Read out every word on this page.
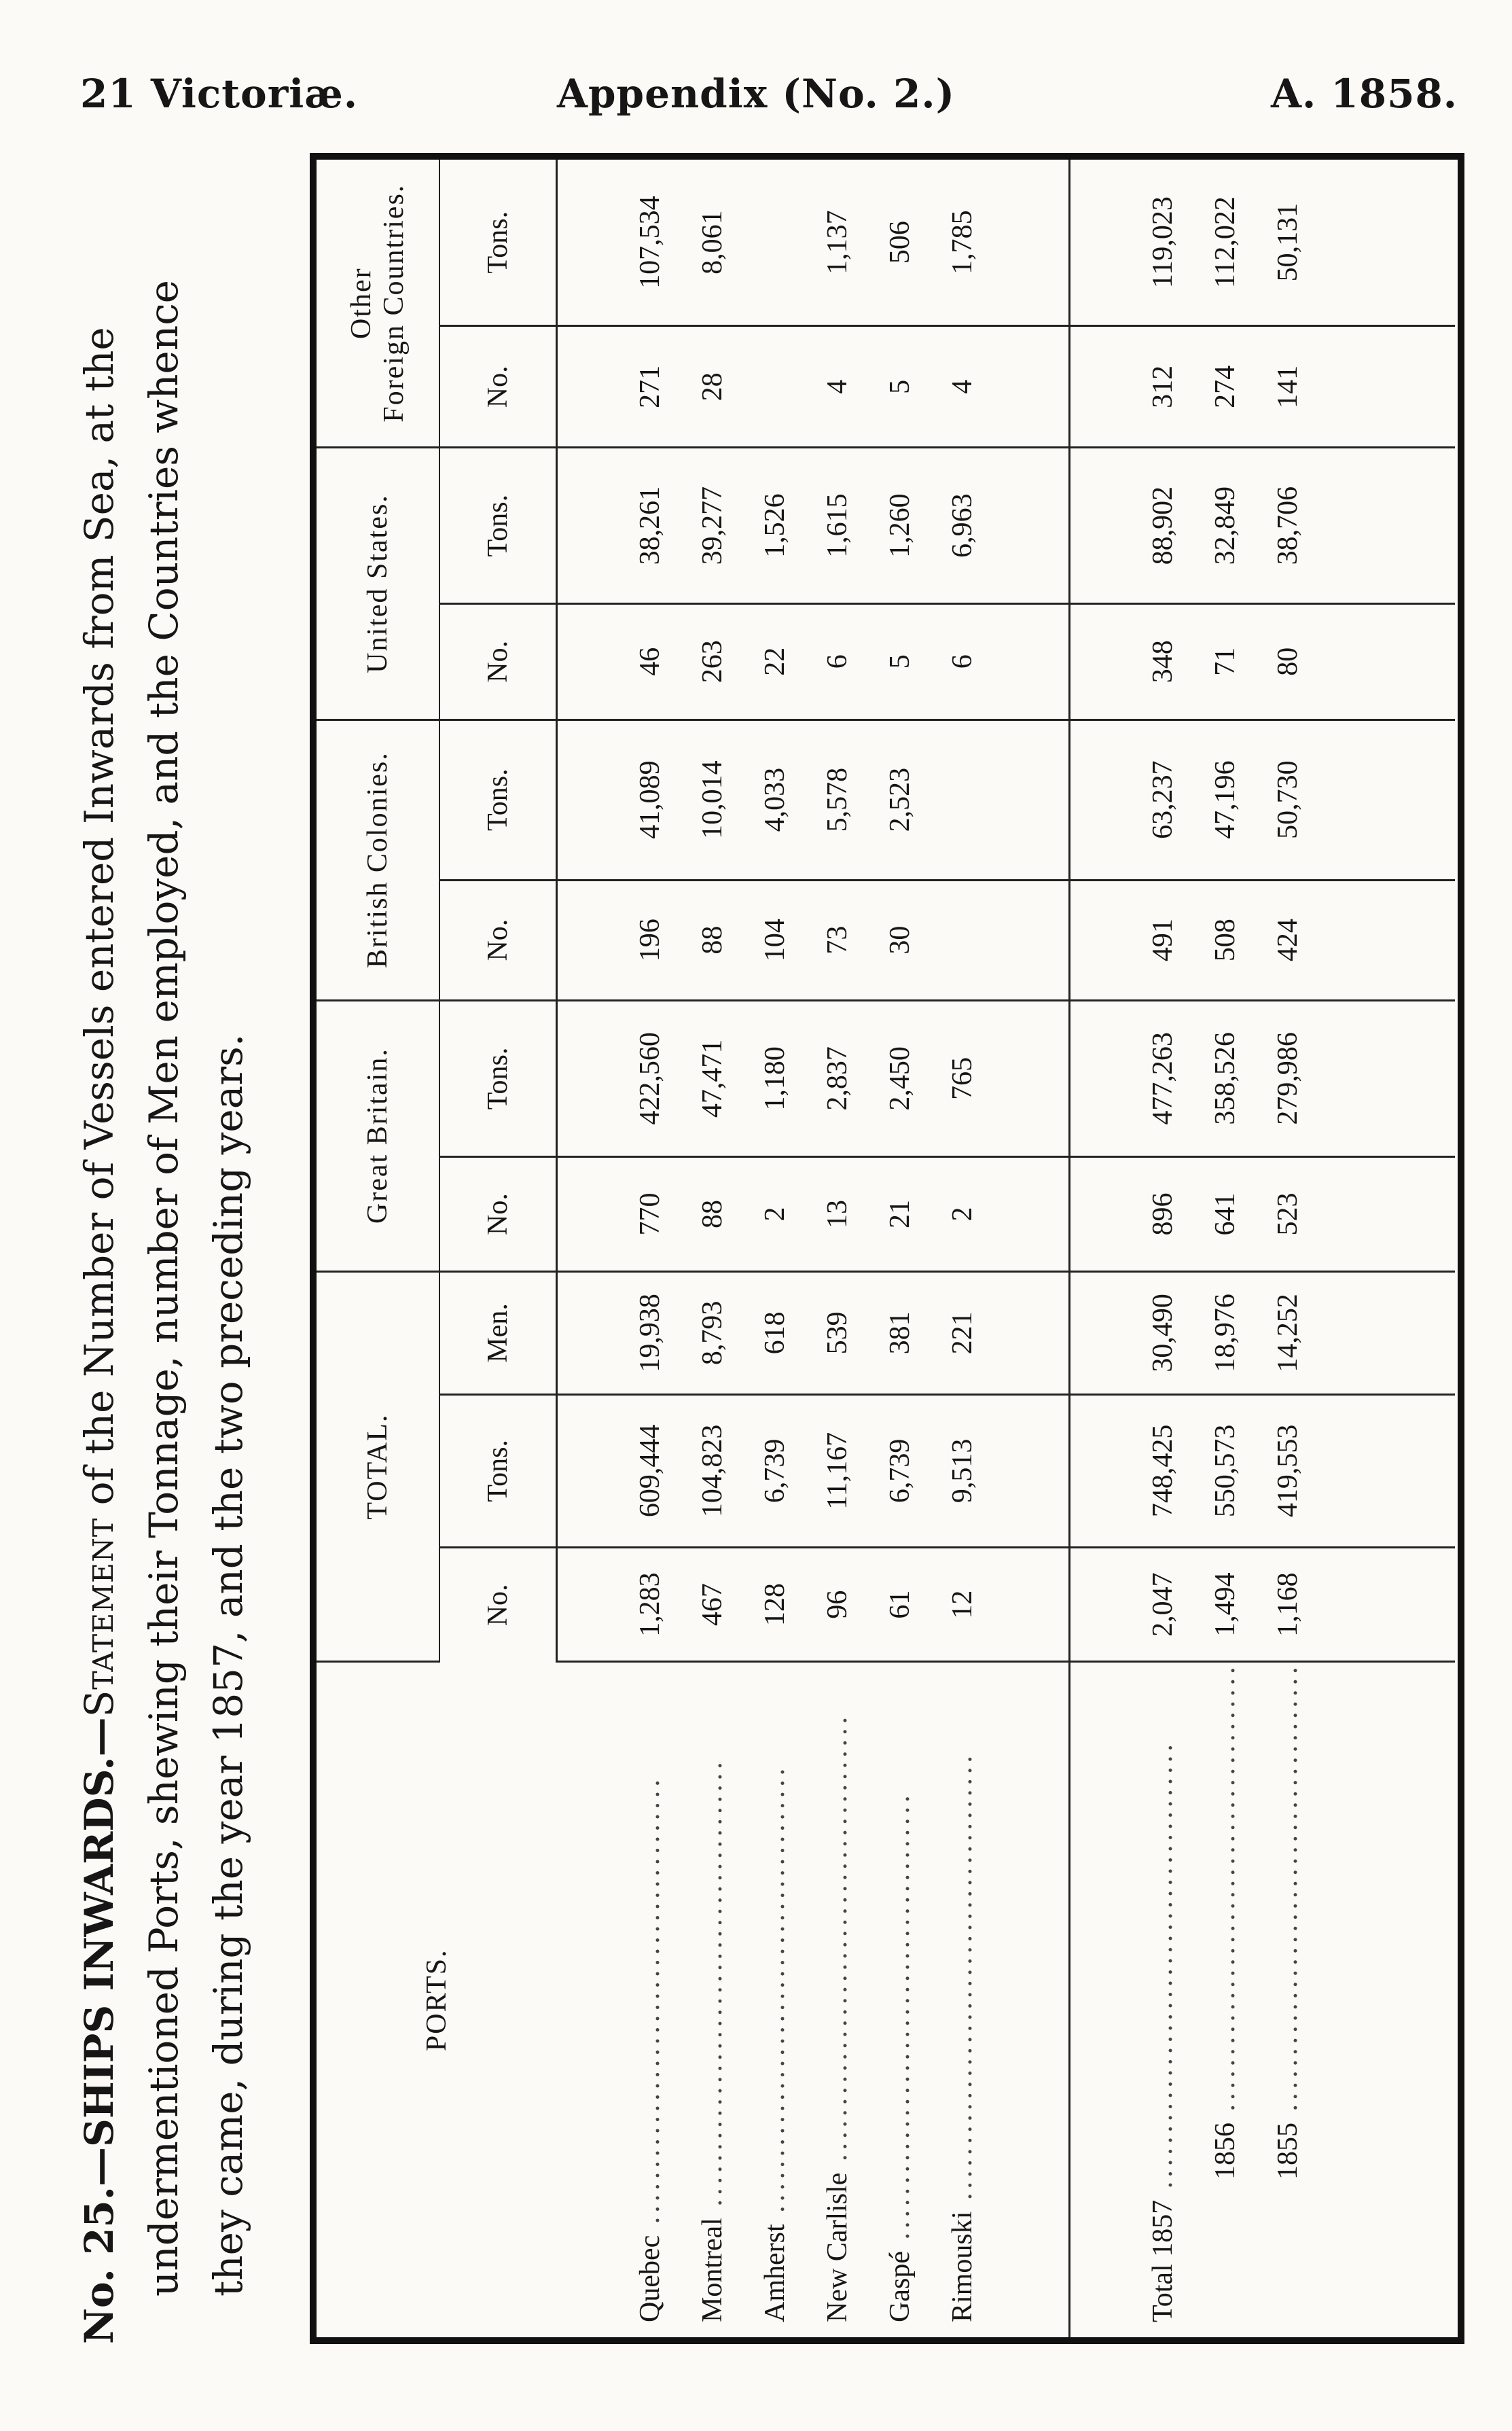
21 Victoriæ.	Appendix (No. 2.)	A. 1858.
No. 25.—SHIPS INWARDS.—Statement of the Number of Vessels entered Inwards from Sea, at the undermentioned Ports, shewing their Tonnage, number of Men employed, and the Countries whence they came, during the year 1857, and the two preceding years.	PORTS.	TOTAL.			Great Britain.		British Colonies.		United States.		Other
Foreign Countries.	
	No.	Tons.	Men.	No.	Tons.	No.	Tons.	No.	Tons.	No.	Tons.

Quebec ........................................	1,283	609,444	19,938	770	422,560	196	41,089	46	38,261	271	107,534
Montreal ........................................	467	104,823	8,793	88	47,471	88	10,014	263	39,277	28	8,061
Amherst ........................................	128	6,739	618	2	1,180	104	4,033	22	1,526		
New Carlisle ........................................	96	11,167	539	13	2,837	73	5,578	6	1,615	4	1,137
Gaspé ........................................	61	6,739	381	21	2,450	30	2,523	5	1,260	5	506
Rimouski ........................................	12	9,513	221	2	765			6	6,963	4	1,785

Total 1857 ........................................	2,047	748,425	30,490	896	477,263	491	63,237	348	88,902	312	119,023
1856 ........................................	1,494	550,573	18,976	641	358,526	508	47,196	71	32,849	274	112,022
1855 ........................................	1,168	419,553	14,252	523	279,986	424	50,730	80	38,706	141	50,131
